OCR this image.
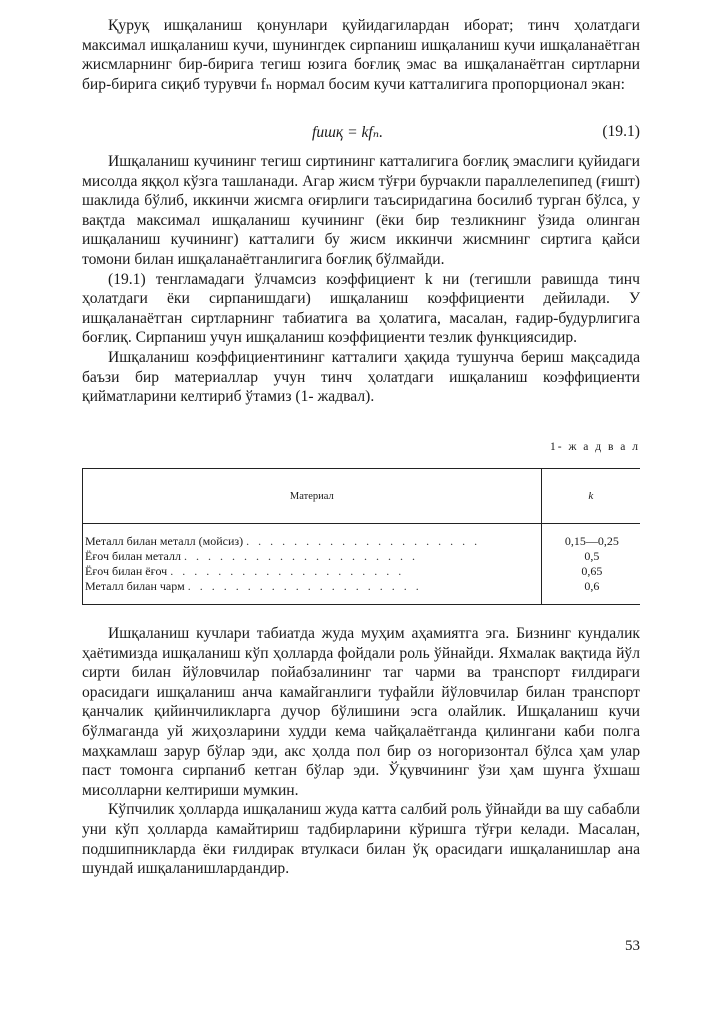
Қуруқ ишқаланиш қонунлари қуйидагилардан иборат; тинч ҳолатдаги максимал ишқаланиш кучи, шунингдек сирпаниш ишқаланиш кучи ишқаланаётган жисмларнинг бир-бирига тегиш юзига боғлиқ эмас ва ишқаланаётган сиртларни бир-бирига сиқиб турувчи fₙ нормал босим кучи катталигига пропорционал экан:

fишқ = kfₙ.	(19.1)

Ишқаланиш кучининг тегиш сиртининг катталигига боғлиқ эмаслиги қуйидаги мисолда яққол кўзга ташланади. Агар жисм тўғри бурчакли параллелепипед (ғишт) шаклида бўлиб, иккинчи жисмга оғирлиги таъсиридагина босилиб турган бўлса, у вақтда максимал ишқаланиш кучининг (ёки бир тезликнинг ўзида олинган ишқаланиш кучининг) катталиги бу жисм иккинчи жисмнинг сиртига қайси томони билан ишқаланаётганлигига боғлиқ бўлмайди.

(19.1) тенгламадаги ўлчамсиз коэффициент k ни (тегишли равишда тинч ҳолатдаги ёки сирпанишдаги) ишқаланиш коэффициенти дейилади. У ишқаланаётган сиртларнинг табиатига ва ҳолатига, масалан, ғадир-будурлигига боғлиқ. Сирпаниш учун ишқаланиш коэффициенти тезлик функциясидир.

Ишқаланиш коэффициентининг катталиги ҳақида тушунча бериш мақсадида баъзи бир материаллар учун тинч ҳолатдаги ишқаланиш коэффициенти қийматларини келтириб ўтамиз (1- жадвал).

1- ж а д в а л
Материал	k
Металл билан металл (мойсиз) . . . . . . . . . . . . . . . . . . . .	0,15—0,25
Ёғоч билан металл . . . . . . . . . . . . . . . . . . . .	0,5
Ёғоч билан ёғоч . . . . . . . . . . . . . . . . . . . .	0,65
Металл билан чарм . . . . . . . . . . . . . . . . . . . .	0,6

Ишқаланиш кучлари табиатда жуда муҳим аҳамиятга эга. Бизнинг кундалик ҳаётимизда ишқаланиш кўп ҳолларда фойдали роль ўйнайди. Яхмалак вақтида йўл сирти билан йўловчилар пойабзалининг таг чарми ва транспорт ғилдираги орасидаги ишқаланиш анча камайганлиги туфайли йўловчилар билан транспорт қанчалик қийинчиликларга дучор бўлишини эсга олайлик. Ишқаланиш кучи бўлмаганда уй жиҳозларини худди кема чайқалаётганда қилингани каби полга маҳкамлаш зарур бўлар эди, акс ҳолда пол бир оз ногоризонтал бўлса ҳам улар паст томонга сирпаниб кетган бўлар эди. Ўқувчининг ўзи ҳам шунга ўхшаш мисолларни келтириши мумкин.

Кўпчилик ҳолларда ишқаланиш жуда катта салбий роль ўйнайди ва шу сабабли уни кўп ҳолларда камайтириш тадбирларини кўришга тўғри келади. Масалан, подшипникларда ёки ғилдирак втулкаси билан ўқ орасидаги ишқаланишлар ана шундай ишқаланишлардандир.

53
